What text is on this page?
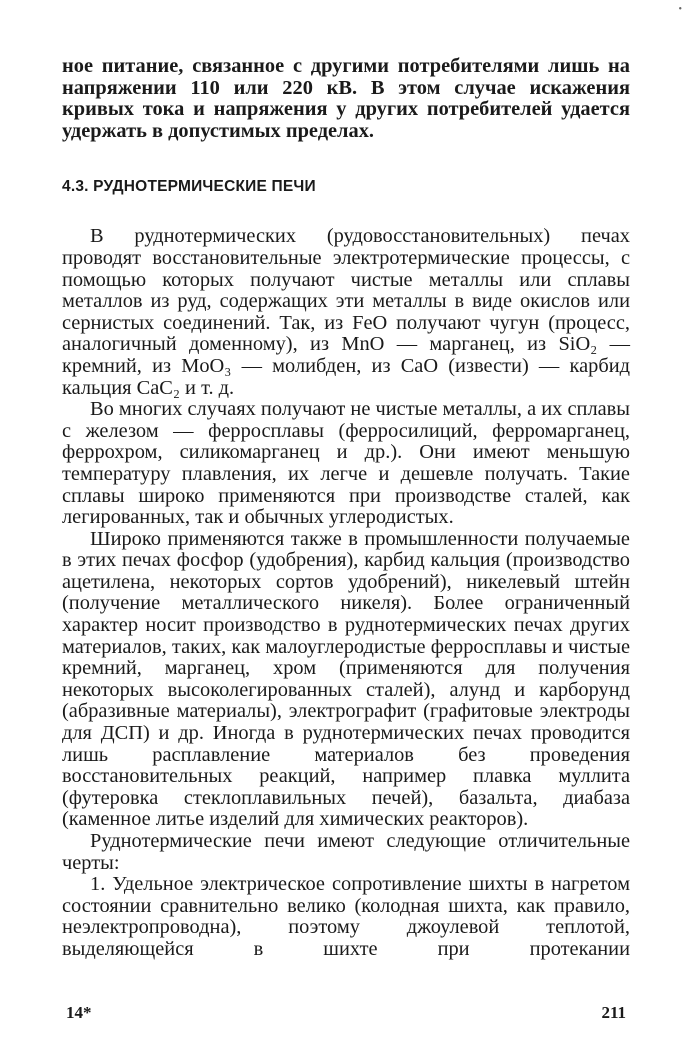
•

ное питание, связанное с другими потребителями лишь на напряжении 110 или 220 кВ. В этом случае искажения кривых тока и напряжения у других потребителей удается удержать в допустимых пределах.

4.3. РУДНОТЕРМИЧЕСКИЕ ПЕЧИ

В руднотермических (рудовосстановительных) печах проводят восстановительные электротермические процессы, с помощью которых получают чистые металлы или сплавы металлов из руд, содержащих эти металлы в виде окислов или сернистых соединений. Так, из FeO получают чугун (процесс, аналогичный доменному), из MnO — марганец, из SiO₂ — кремний, из MoO₃ — молибден, из CaO (извести) — карбид кальция CaC₂ и т. д.

Во многих случаях получают не чистые металлы, а их сплавы с железом — ферросплавы (ферросилиций, ферромарганец, феррохром, силикомарганец и др.). Они имеют меньшую температуру плавления, их легче и дешевле получать. Такие сплавы широко применяются при производстве сталей, как легированных, так и обычных углеродистых.

Широко применяются также в промышленности получаемые в этих печах фосфор (удобрения), карбид кальция (производство ацетилена, некоторых сортов удобрений), никелевый штейн (получение металлического никеля). Более ограниченный характер носит производство в руднотермических печах других материалов, таких, как малоуглеродистые ферросплавы и чистые кремний, марганец, хром (применяются для получения некоторых высоколегированных сталей), алунд и карборунд (абразивные материалы), электрографит (графитовые электроды для ДСП) и др. Иногда в руднотермических печах проводится лишь расплавление материалов без проведения восстановительных реакций, например плавка муллита (футеровка стеклоплавильных печей), базальта, диабаза (каменное литье изделий для химических реакторов).

Руднотермические печи имеют следующие отличительные черты:

1. Удельное электрическое сопротивление шихты в нагретом состоянии сравнительно велико (колодная шихта, как правило, неэлектропроводна), поэтому джоулевой теплотой, выделяющейся в шихте при протекании

14*	211
